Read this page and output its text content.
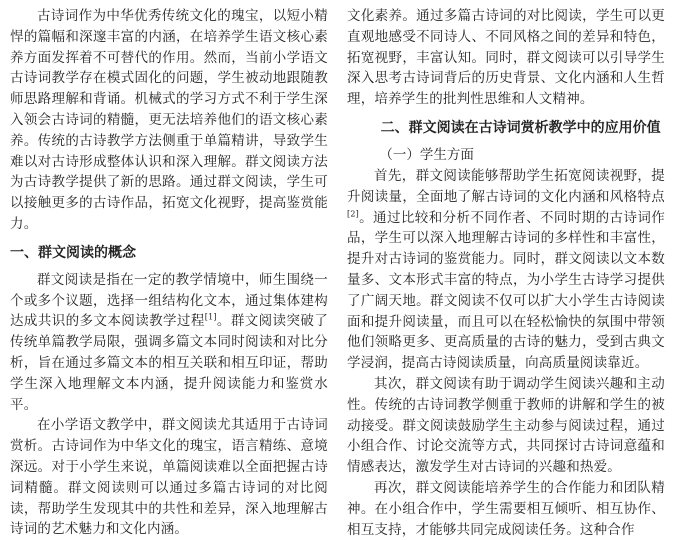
古诗词作为中华优秀传统文化的瑰宝，以短小精悍的篇幅和深邃丰富的内涵，在培养学生语文核心素养方面发挥着不可替代的作用。然而，当前小学语文古诗词教学存在模式固化的问题，学生被动地跟随教师思路理解和背诵。机械式的学习方式不利于学生深入领会古诗词的精髓，更无法培养他们的语文核心素养。传统的古诗教学方法侧重于单篇精讲，导致学生难以对古诗形成整体认识和深入理解。群文阅读方法为古诗教学提供了新的思路。通过群文阅读，学生可以接触更多的古诗作品，拓宽文化视野，提高鉴赏能力。

一、群文阅读的概念

群文阅读是指在一定的教学情境中，师生围绕一个或多个议题，选择一组结构化文本，通过集体建构达成共识的多文本阅读教学过程[1]。群文阅读突破了传统单篇教学局限，强调多篇文本同时阅读和对比分析，旨在通过多篇文本的相互关联和相互印证，帮助学生深入地理解文本内涵，提升阅读能力和鉴赏水平。

在小学语文教学中，群文阅读尤其适用于古诗词赏析。古诗词作为中华文化的瑰宝，语言精练、意境深远。对于小学生来说，单篇阅读难以全面把握古诗词精髓。群文阅读则可以通过多篇古诗词的对比阅读，帮助学生发现其中的共性和差异，深入地理解古诗词的艺术魅力和文化内涵。

文化素养。通过多篇古诗词的对比阅读，学生可以更直观地感受不同诗人、不同风格之间的差异和特色，拓宽视野，丰富认知。同时，群文阅读可以引导学生深入思考古诗词背后的历史背景、文化内涵和人生哲理，培养学生的批判性思维和人文精神。

二、群文阅读在古诗词赏析教学中的应用价值
（一）学生方面

首先，群文阅读能够帮助学生拓宽阅读视野，提升阅读量，全面地了解古诗词的文化内涵和风格特点[2]。通过比较和分析不同作者、不同时期的古诗词作品，学生可以深入地理解古诗词的多样性和丰富性，提升对古诗词的鉴赏能力。同时，群文阅读以文本数量多、文本形式丰富的特点，为小学生古诗学习提供了广阔天地。群文阅读不仅可以扩大小学生古诗阅读面和提升阅读量，而且可以在轻松愉快的氛围中带领他们领略更多、更高质量的古诗的魅力，受到古典文学浸润，提高古诗阅读质量，向高质量阅读靠近。

其次，群文阅读有助于调动学生阅读兴趣和主动性。传统的古诗词教学侧重于教师的讲解和学生的被动接受。群文阅读鼓励学生主动参与阅读过程，通过小组合作、讨论交流等方式，共同探讨古诗词意蕴和情感表达，激发学生对古诗词的兴趣和热爱。

再次，群文阅读能培养学生的合作能力和团队精神。在小组合作中，学生需要相互倾听、相互协作、相互支持，才能够共同完成阅读任务。这种合作
